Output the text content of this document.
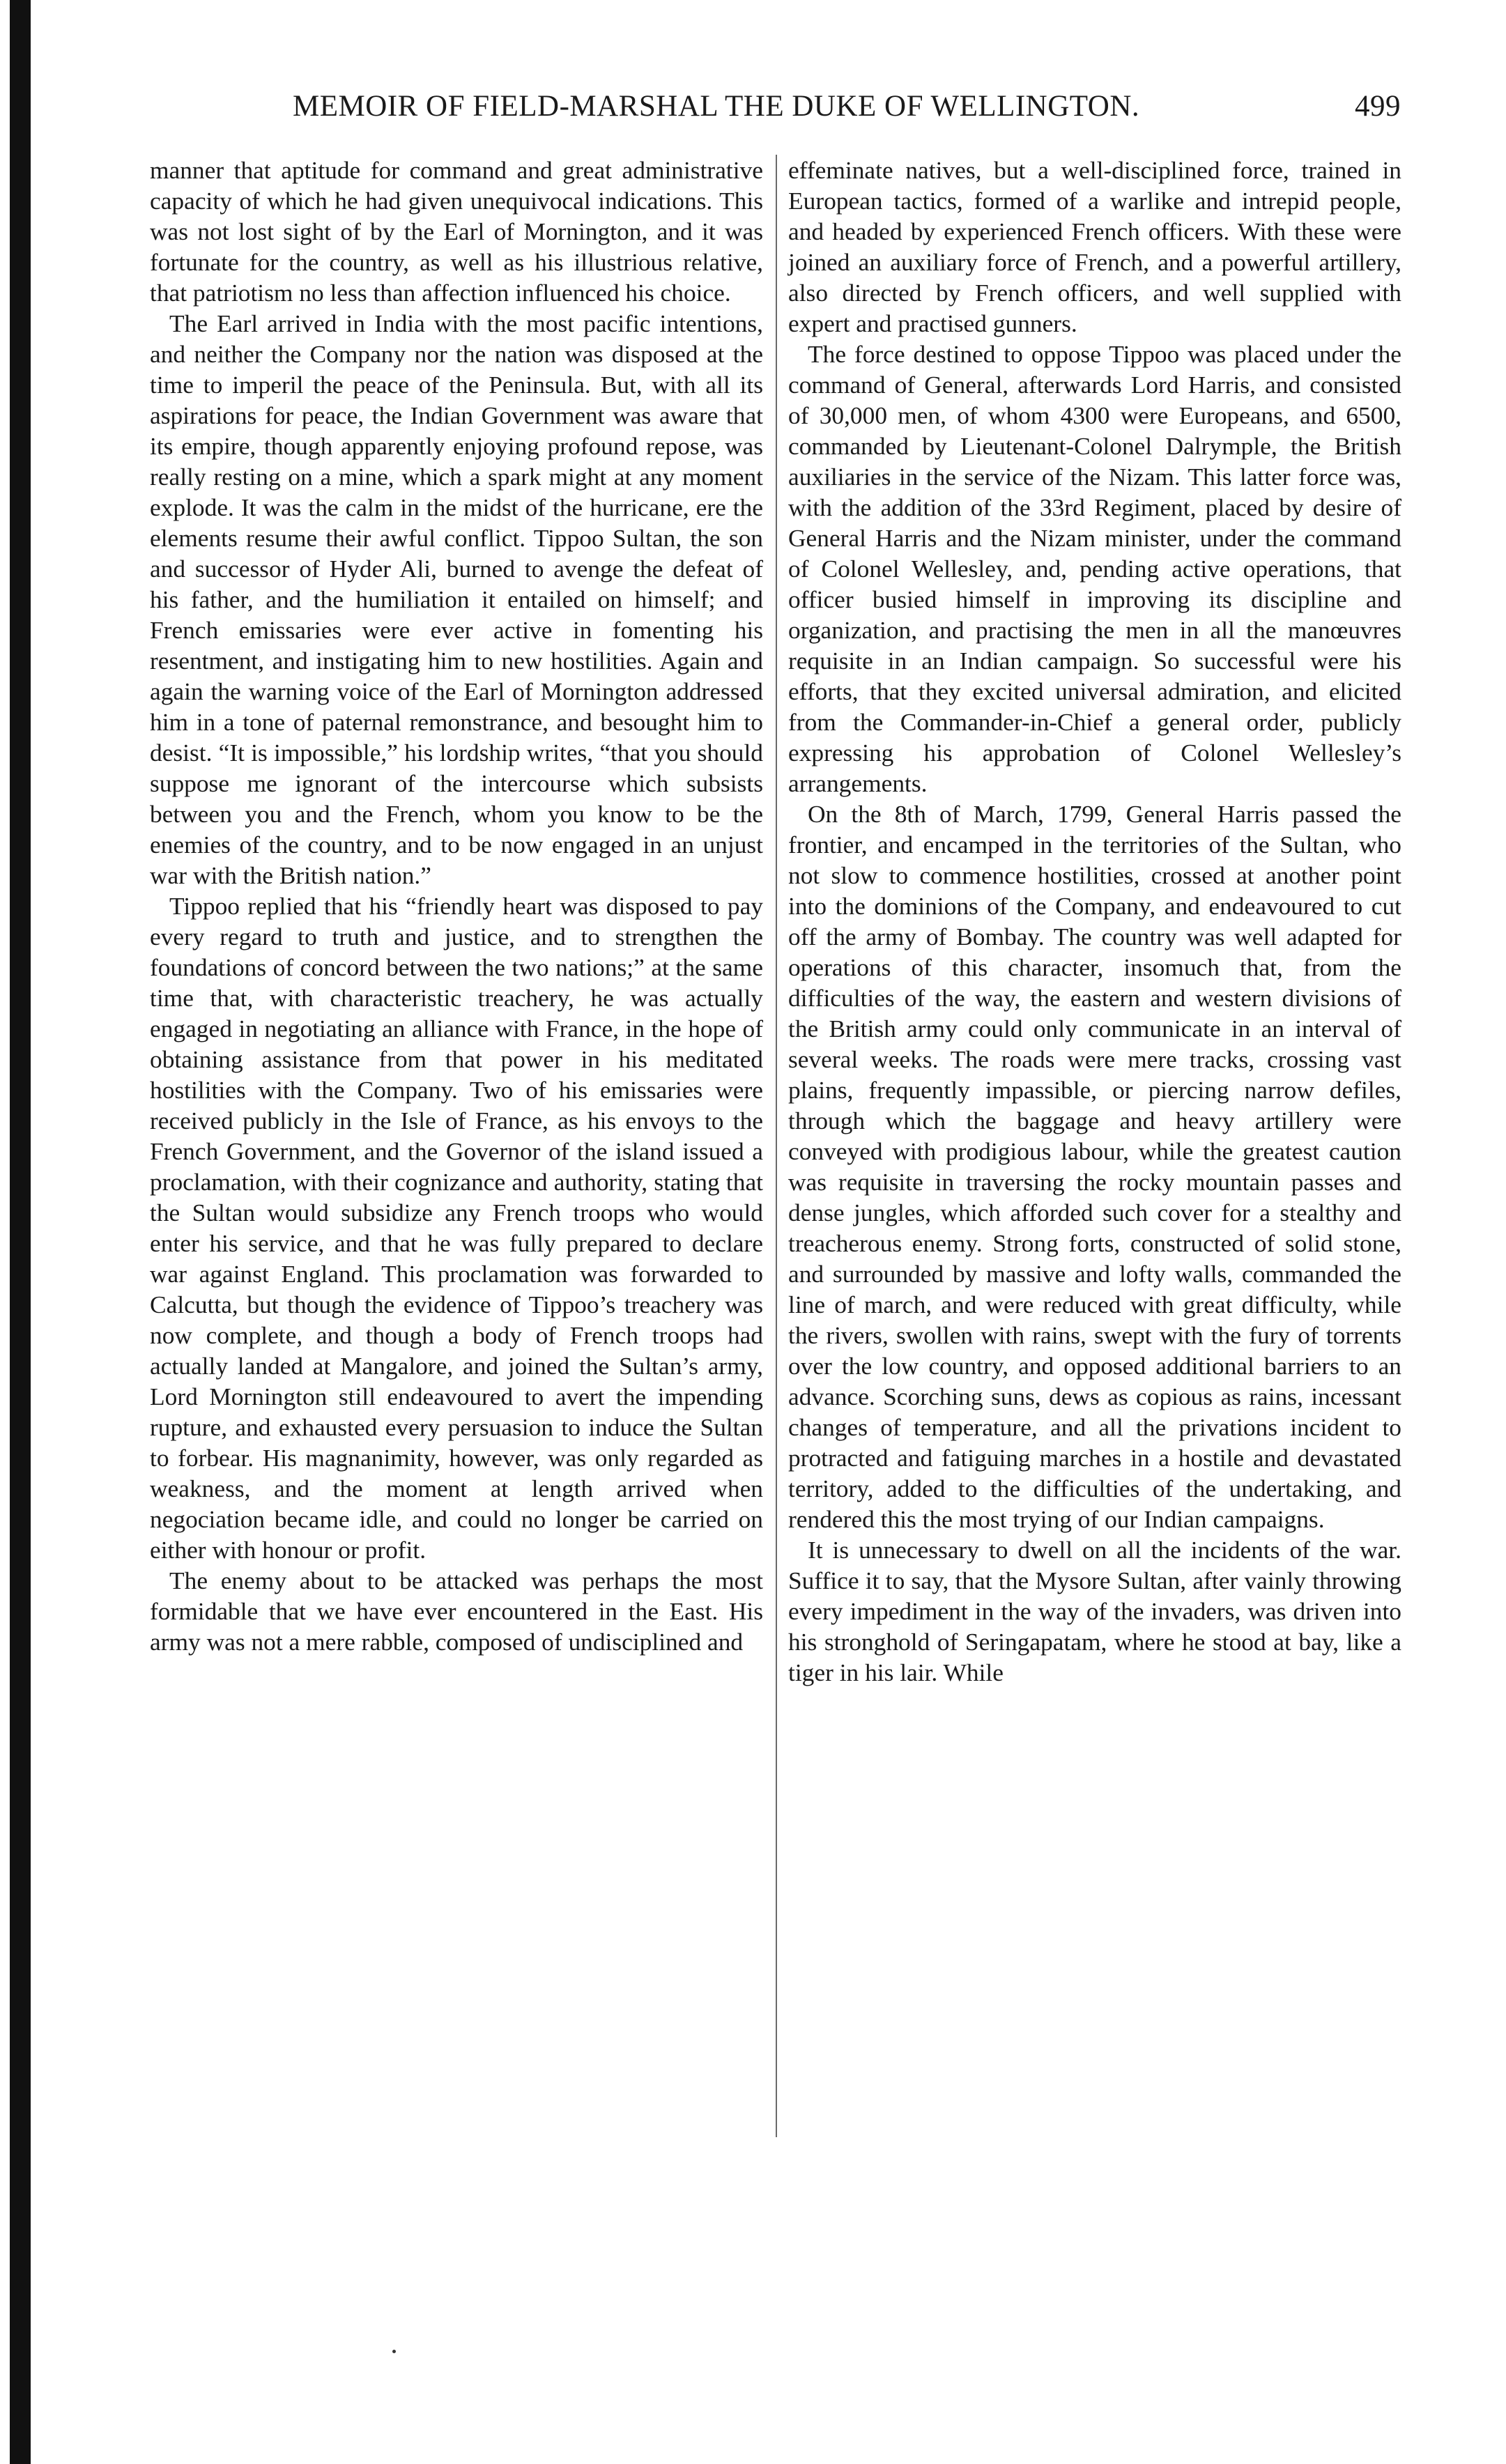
MEMOIR OF FIELD-MARSHAL THE DUKE OF WELLINGTON.	499

manner that aptitude for command and great administrative capacity of which he had given unequivocal indications. This was not lost sight of by the Earl of Mornington, and it was fortunate for the country, as well as his illustrious relative, that patriotism no less than affection influenced his choice.

The Earl arrived in India with the most pacific intentions, and neither the Company nor the nation was disposed at the time to imperil the peace of the Peninsula. But, with all its aspirations for peace, the Indian Government was aware that its empire, though apparently enjoying profound repose, was really resting on a mine, which a spark might at any moment explode. It was the calm in the midst of the hurricane, ere the elements resume their awful conflict. Tippoo Sultan, the son and successor of Hyder Ali, burned to avenge the defeat of his father, and the humiliation it entailed on himself; and French emissaries were ever active in fomenting his resentment, and instigating him to new hostilities. Again and again the warning voice of the Earl of Mornington addressed him in a tone of paternal remonstrance, and besought him to desist. “It is impossible,” his lordship writes, “that you should suppose me ignorant of the intercourse which subsists between you and the French, whom you know to be the enemies of the country, and to be now engaged in an unjust war with the British nation.”

Tippoo replied that his “friendly heart was disposed to pay every regard to truth and justice, and to strengthen the foundations of concord between the two nations;” at the same time that, with characteristic treachery, he was actually engaged in negotiating an alliance with France, in the hope of obtaining assistance from that power in his meditated hostilities with the Company. Two of his emissaries were received publicly in the Isle of France, as his envoys to the French Government, and the Governor of the island issued a proclamation, with their cognizance and authority, stating that the Sultan would subsidize any French troops who would enter his service, and that he was fully prepared to declare war against England. This proclamation was forwarded to Calcutta, but though the evidence of Tippoo’s treachery was now complete, and though a body of French troops had actually landed at Mangalore, and joined the Sultan’s army, Lord Mornington still endeavoured to avert the impending rupture, and exhausted every persuasion to induce the Sultan to forbear. His magnanimity, however, was only regarded as weakness, and the moment at length arrived when negociation became idle, and could no longer be carried on either with honour or profit.

The enemy about to be attacked was perhaps the most formidable that we have ever encountered in the East. His army was not a mere rabble, composed of undisciplined and

effeminate natives, but a well-disciplined force, trained in European tactics, formed of a warlike and intrepid people, and headed by experienced French officers. With these were joined an auxiliary force of French, and a powerful artillery, also directed by French officers, and well supplied with expert and practised gunners.

The force destined to oppose Tippoo was placed under the command of General, afterwards Lord Harris, and consisted of 30,000 men, of whom 4300 were Europeans, and 6500, commanded by Lieutenant-Colonel Dalrymple, the British auxiliaries in the service of the Nizam. This latter force was, with the addition of the 33rd Regiment, placed by desire of General Harris and the Nizam minister, under the command of Colonel Wellesley, and, pending active operations, that officer busied himself in improving its discipline and organization, and practising the men in all the manœuvres requisite in an Indian campaign. So successful were his efforts, that they excited universal admiration, and elicited from the Commander-in-Chief a general order, publicly expressing his approbation of Colonel Wellesley’s arrangements.

On the 8th of March, 1799, General Harris passed the frontier, and encamped in the territories of the Sultan, who not slow to commence hostilities, crossed at another point into the dominions of the Company, and endeavoured to cut off the army of Bombay. The country was well adapted for operations of this character, insomuch that, from the difficulties of the way, the eastern and western divisions of the British army could only communicate in an interval of several weeks. The roads were mere tracks, crossing vast plains, frequently impassible, or piercing narrow defiles, through which the baggage and heavy artillery were conveyed with prodigious labour, while the greatest caution was requisite in traversing the rocky mountain passes and dense jungles, which afforded such cover for a stealthy and treacherous enemy. Strong forts, constructed of solid stone, and surrounded by massive and lofty walls, commanded the line of march, and were reduced with great difficulty, while the rivers, swollen with rains, swept with the fury of torrents over the low country, and opposed additional barriers to an advance. Scorching suns, dews as copious as rains, incessant changes of temperature, and all the privations incident to protracted and fatiguing marches in a hostile and devastated territory, added to the difficulties of the undertaking, and rendered this the most trying of our Indian campaigns.

It is unnecessary to dwell on all the incidents of the war. Suffice it to say, that the Mysore Sultan, after vainly throwing every impediment in the way of the invaders, was driven into his stronghold of Seringapatam, where he stood at bay, like a tiger in his lair. While
